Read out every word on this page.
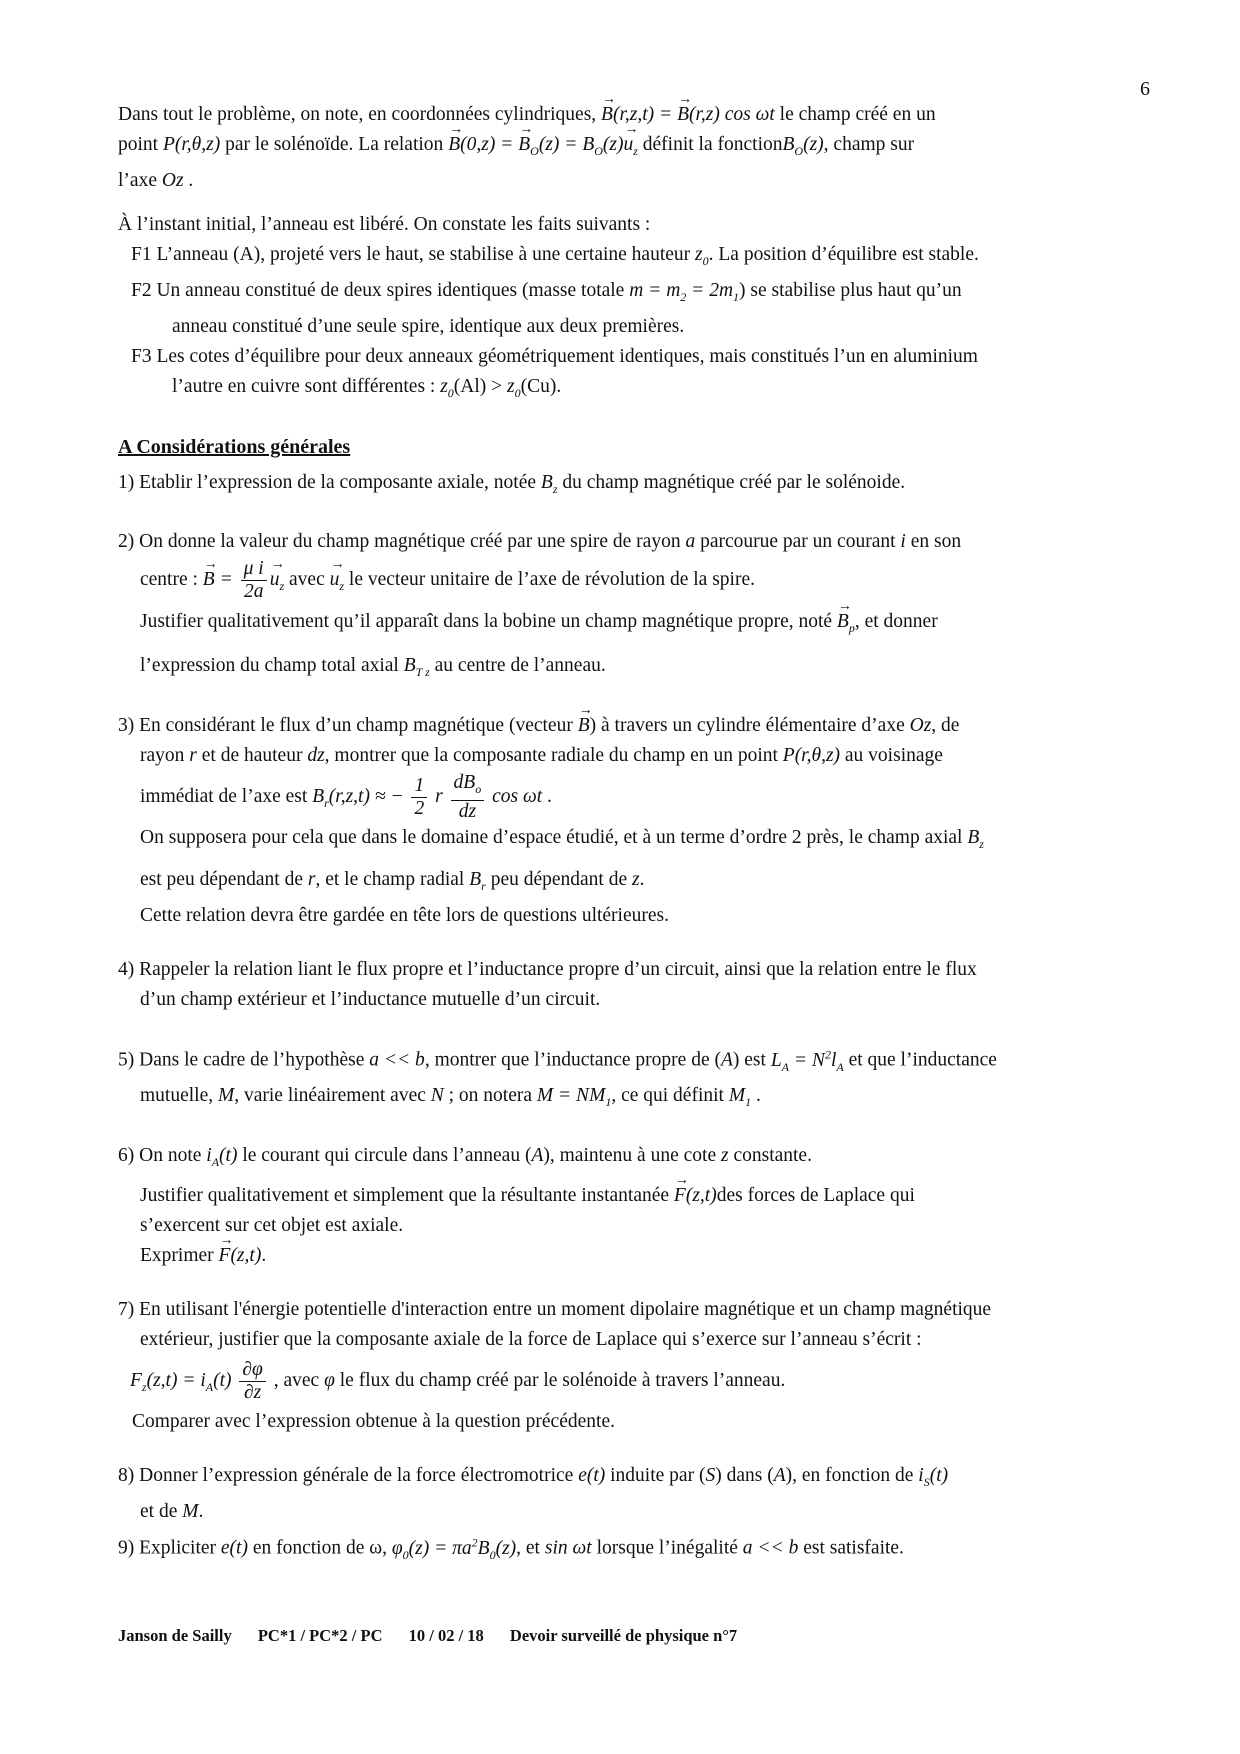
6
Dans tout le problème, on note, en coordonnées cylindriques, → B(r,z,t) = → B(r,z) cos ωt le champ créé en un
point P(r,θ,z) par le solénoïde. La relation → B(0,z) = → $B_O(z) = B_O(z)\to u_z$ définit la fonctionB$_O$(z), champ sur
l’axe Oz .
À l’instant initial, l’anneau est libéré. On constate les faits suivants :
F1 L’anneau (A), projeté vers le haut, se stabilise à une certaine hauteur $z_0$. La position d’équilibre est stable.
F2 Un anneau constitué de deux spires identiques (masse totale $m = m_2 = 2m_1$) se stabilise plus haut qu’un
anneau constitué d’une seule spire, identique aux deux premières.
F3 Les cotes d’équilibre pour deux anneaux géométriquement identiques, mais constitués l’un en aluminium
l’autre en cuivre sont différentes : $z_0(Al) > z_0(Cu)$.
A Considérations générales
1) Etablir l’expression de la composante axiale, notée $B_z$ du champ magnétique créé par le solénoide.
2) On donne la valeur du champ magnétique créé par une spire de rayon a parcourue par un courant i en son
centre : → $B = \frac{\text{μ i}}{2a}$
→ $u_z$ avec → $u_z$ le vecteur unitaire de l’axe de révolution de la spire.
Justifier qualitativement qu’il apparaît dans la bobine un champ magnétique propre, noté → $B_p$, et donner
l’expression du champ total axial $B_{T z}$ au centre de l’anneau.
3) En considérant le flux d’un champ magnétique (vecteur → B) à travers un cylindre élémentaire d’axe Oz, de
rayon r et de hauteur dz, montrer que la composante radiale du champ en un point P(r,θ,z) au voisinage
immédiat de l’axe est $B_r(r,z,t)$ ≈ − $\frac{1}{2}$ r $\frac{dB_o}{dz}$ cos ωt .
On supposera pour cela que dans le domaine d’espace étudié, et à un terme d’ordre 2 près, le champ axial $B_z$
est peu dépendant de r, et le champ radial $B_r$ peu dépendant de z.
Cette relation devra être gardée en tête lors de questions ultérieures.
4) Rappeler la relation liant le flux propre et l’inductance propre d’un circuit, ainsi que la relation entre le flux
d’un champ extérieur et l’inductance mutuelle d’un circuit.
5) Dans le cadre de l’hypothèse a << b, montrer que l’inductance propre de (A) est $L_A = N^2l_A$ et que l’inductance
mutuelle, M, varie linéairement avec N ; on notera $M = NM_1$, ce qui définit $M_1$ .
6) On note $i_A(t)$ le courant qui circule dans l’anneau (A), maintenu à une cote z constante.
Justifier qualitativement et simplement que la résultante instantanée → F(z,t)des forces de Laplace qui
s’exercent sur cet objet est axiale.
Exprimer → F(z,t).
7) En utilisant l'énergie potentielle d'interaction entre un moment dipolaire magnétique et un champ magnétique
extérieur, justifier que la composante axiale de la force de Laplace qui s’exerce sur l’anneau s’écrit :
$F_z(z,t) = i_A(t) \frac{\partial\varphi}{\partial z}$ , avec φ le flux du champ créé par le solénoide à travers l’anneau.
Comparer avec l’expression obtenue à la question précédente.
8) Donner l’expression générale de la force électromotrice e(t) induite par (S) dans (A), en fonction de $i_S(t)$
et de M.
9) Expliciter e(t) en fonction de ω, $\varphi_0(z) = \pi a^2B_0(z)$, et sin ωt lorsque l’inégalité a << b est satisfaite.
Janson de Sailly PC*1 / PC*2 / PC 10 / 02 / 18 Devoir surveillé de physique n°7
